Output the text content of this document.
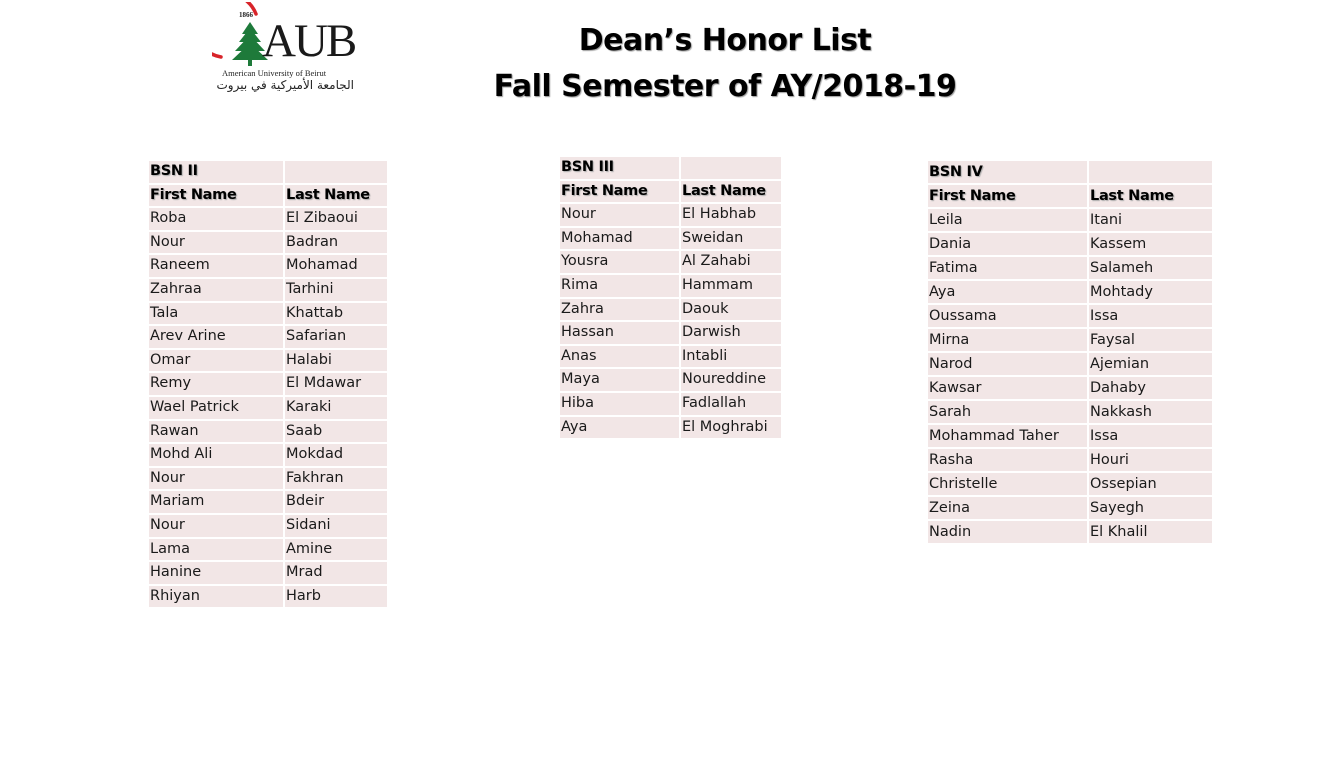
1866 AUB
American University of Beirut
الجامعة الأميركية في بيروت
Dean’s Honor List
Fall Semester of AY/2018-19
BSN II	
First Name	Last Name
Roba	El Zibaoui
Nour	Badran
Raneem	Mohamad
Zahraa	Tarhini
Tala	Khattab
Arev Arine	Safarian
Omar	Halabi
Remy	El Mdawar
Wael Patrick	Karaki
Rawan	Saab
Mohd Ali	Mokdad
Nour	Fakhran
Mariam	Bdeir
Nour	Sidani
Lama	Amine
Hanine	Mrad
Rhiyan	Harb
BSN III	
First Name	Last Name
Nour	El Habhab
Mohamad	Sweidan
Yousra	Al Zahabi
Rima	Hammam
Zahra	Daouk
Hassan	Darwish
Anas	Intabli
Maya	Noureddine
Hiba	Fadlallah
Aya	El Moghrabi
BSN IV	
First Name	Last Name
Leila	Itani
Dania	Kassem
Fatima	Salameh
Aya	Mohtady
Oussama	Issa
Mirna	Faysal
Narod	Ajemian
Kawsar	Dahaby
Sarah	Nakkash
Mohammad Taher	Issa
Rasha	Houri
Christelle	Ossepian
Zeina	Sayegh
Nadin	El Khalil
